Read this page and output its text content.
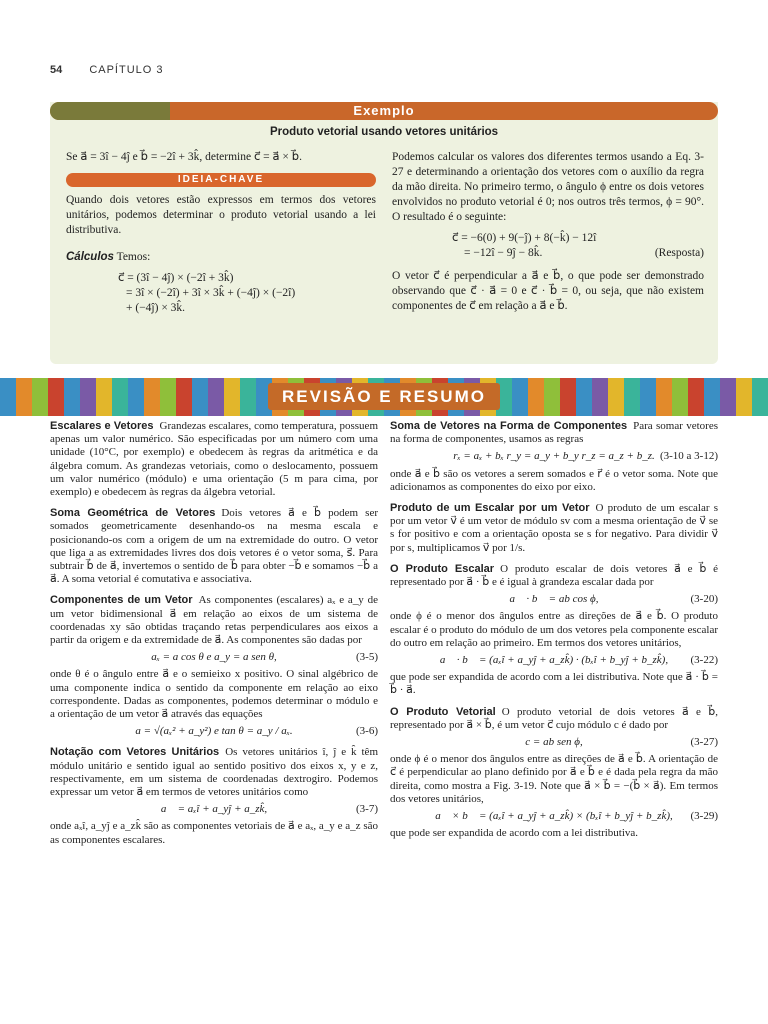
54 CAPÍTULO 3
Exemplo
Produto vetorial usando vetores unitários
Se a⃗ = 3î − 4ĵ e b⃗ = −2î + 3k̂, determine c⃗ = a⃗ × b⃗.
IDEIA-CHAVE
Quando dois vetores estão expressos em termos dos vetores unitários, podemos determinar o produto vetorial usando a lei distributiva.
Cálculos Temos:
c⃗ = (3î − 4ĵ) × (−2î + 3k̂)
= 3î × (−2î) + 3î × 3k̂ + (−4ĵ) × (−2î)
+ (−4ĵ) × 3k̂.
Podemos calcular os valores dos diferentes termos usando a Eq. 3-27 e determinando a orientação dos vetores com o auxílio da regra da mão direita. No primeiro termo, o ângulo ϕ entre os dois vetores envolvidos no produto vetorial é 0; nos outros três termos, ϕ = 90°. O resultado é o seguinte:
c⃗ = −6(0) + 9(−ĵ) + 8(−k̂) − 12î
= −12î − 9ĵ − 8k̂.	(Resposta)
O vetor c⃗ é perpendicular a a⃗ e b⃗, o que pode ser demonstrado observando que c⃗ · a⃗ = 0 e c⃗ · b⃗ = 0, ou seja, que não existem componentes de c⃗ em relação a a⃗ e b⃗.
REVISÃO E RESUMO
Escalares e Vetores Grandezas escalares, como temperatura, possuem apenas um valor numérico. São especificadas por um número com uma unidade (10°C, por exemplo) e obedecem às regras da aritmética e da álgebra comum. As grandezas vetoriais, como o deslocamento, possuem um valor numérico (módulo) e uma orientação (5 m para cima, por exemplo) e obedecem às regras da álgebra vetorial.
Soma Geométrica de Vetores Dois vetores a⃗ e b⃗ podem ser somados geometricamente desenhando-os na mesma escala e posicionando-os com a origem de um na extremidade do outro. O vetor que liga a as extremidades livres dos dois vetores é o vetor soma, s⃗. Para subtrair b⃗ de a⃗, invertemos o sentido de b⃗ para obter −b⃗ e somamos −b⃗ a a⃗. A soma vetorial é comutativa e associativa.
Componentes de um Vetor As componentes (escalares) aₓ e a_y de um vetor bidimensional a⃗ em relação ao eixos de um sistema de coordenadas xy são obtidas traçando retas perpendiculares aos eixos a partir da origem e da extremidade de a⃗. As componentes são dadas por
aₓ = a cos θ e a_y = a sen θ,	(3-5)
onde θ é o ângulo entre a⃗ e o semieixo x positivo. O sinal algébrico de uma componente indica o sentido da componente em relação ao eixo correspondente. Dadas as componentes, podemos determinar o módulo e a orientação de um vetor a⃗ através das equações
a = √(aₓ² + a_y²) e tan θ = a_y / aₓ.	(3-6)
Notação com Vetores Unitários Os vetores unitários î, ĵ e k̂ têm módulo unitário e sentido igual ao sentido positivo dos eixos x, y e z, respectivamente, em um sistema de coordenadas dextrogiro. Podemos expressar um vetor a⃗ em termos de vetores unitários como
a⃗ = aₓî + a_yĵ + a_zk̂,	(3-7)
onde aₓî, a_yĵ e a_zk̂ são as componentes vetoriais de a⃗ e aₓ, a_y e a_z são as componentes escalares.
Soma de Vetores na Forma de Componentes Para somar vetores na forma de componentes, usamos as regras
rₓ = aₓ + bₓ r_y = a_y + b_y r_z = a_z + b_z. (3-10 a 3-12)
onde a⃗ e b⃗ são os vetores a serem somados e r⃗ é o vetor soma. Note que adicionamos as componentes do eixo por eixo.
Produto de um Escalar por um Vetor O produto de um escalar s por um vetor v⃗ é um vetor de módulo sv com a mesma orientação de v⃗ se s for positivo e com a orientação oposta se s for negativo. Para dividir v⃗ por s, multiplicamos v⃗ por 1/s.
O Produto Escalar O produto escalar de dois vetores a⃗ e b⃗ é representado por a⃗ · b⃗ e é igual à grandeza escalar dada por
a⃗ · b⃗ = ab cos ϕ,	(3-20)
onde ϕ é o menor dos ângulos entre as direções de a⃗ e b⃗. O produto escalar é o produto do módulo de um dos vetores pela componente escalar do outro em relação ao primeiro. Em termos dos vetores unitários,
a⃗ · b⃗ = (aₓî + a_yĵ + a_zk̂) · (bₓî + b_yĵ + b_zk̂), (3-22)
que pode ser expandida de acordo com a lei distributiva. Note que a⃗ · b⃗ = b⃗ · a⃗.
O Produto Vetorial O produto vetorial de dois vetores a⃗ e b⃗, representado por a⃗ × b⃗, é um vetor c⃗ cujo módulo c é dado por
c = ab sen ϕ,	(3-27)
onde ϕ é o menor dos ângulos entre as direções de a⃗ e b⃗. A orientação de c⃗ é perpendicular ao plano definido por a⃗ e b⃗ e é dada pela regra da mão direita, como mostra a Fig. 3-19. Note que a⃗ × b⃗ = −(b⃗ × a⃗). Em termos dos vetores unitários,
a⃗ × b⃗ = (aₓî + a_yĵ + a_zk̂) × (bₓî + b_yĵ + b_zk̂), (3-29)
que pode ser expandida de acordo com a lei distributiva.
